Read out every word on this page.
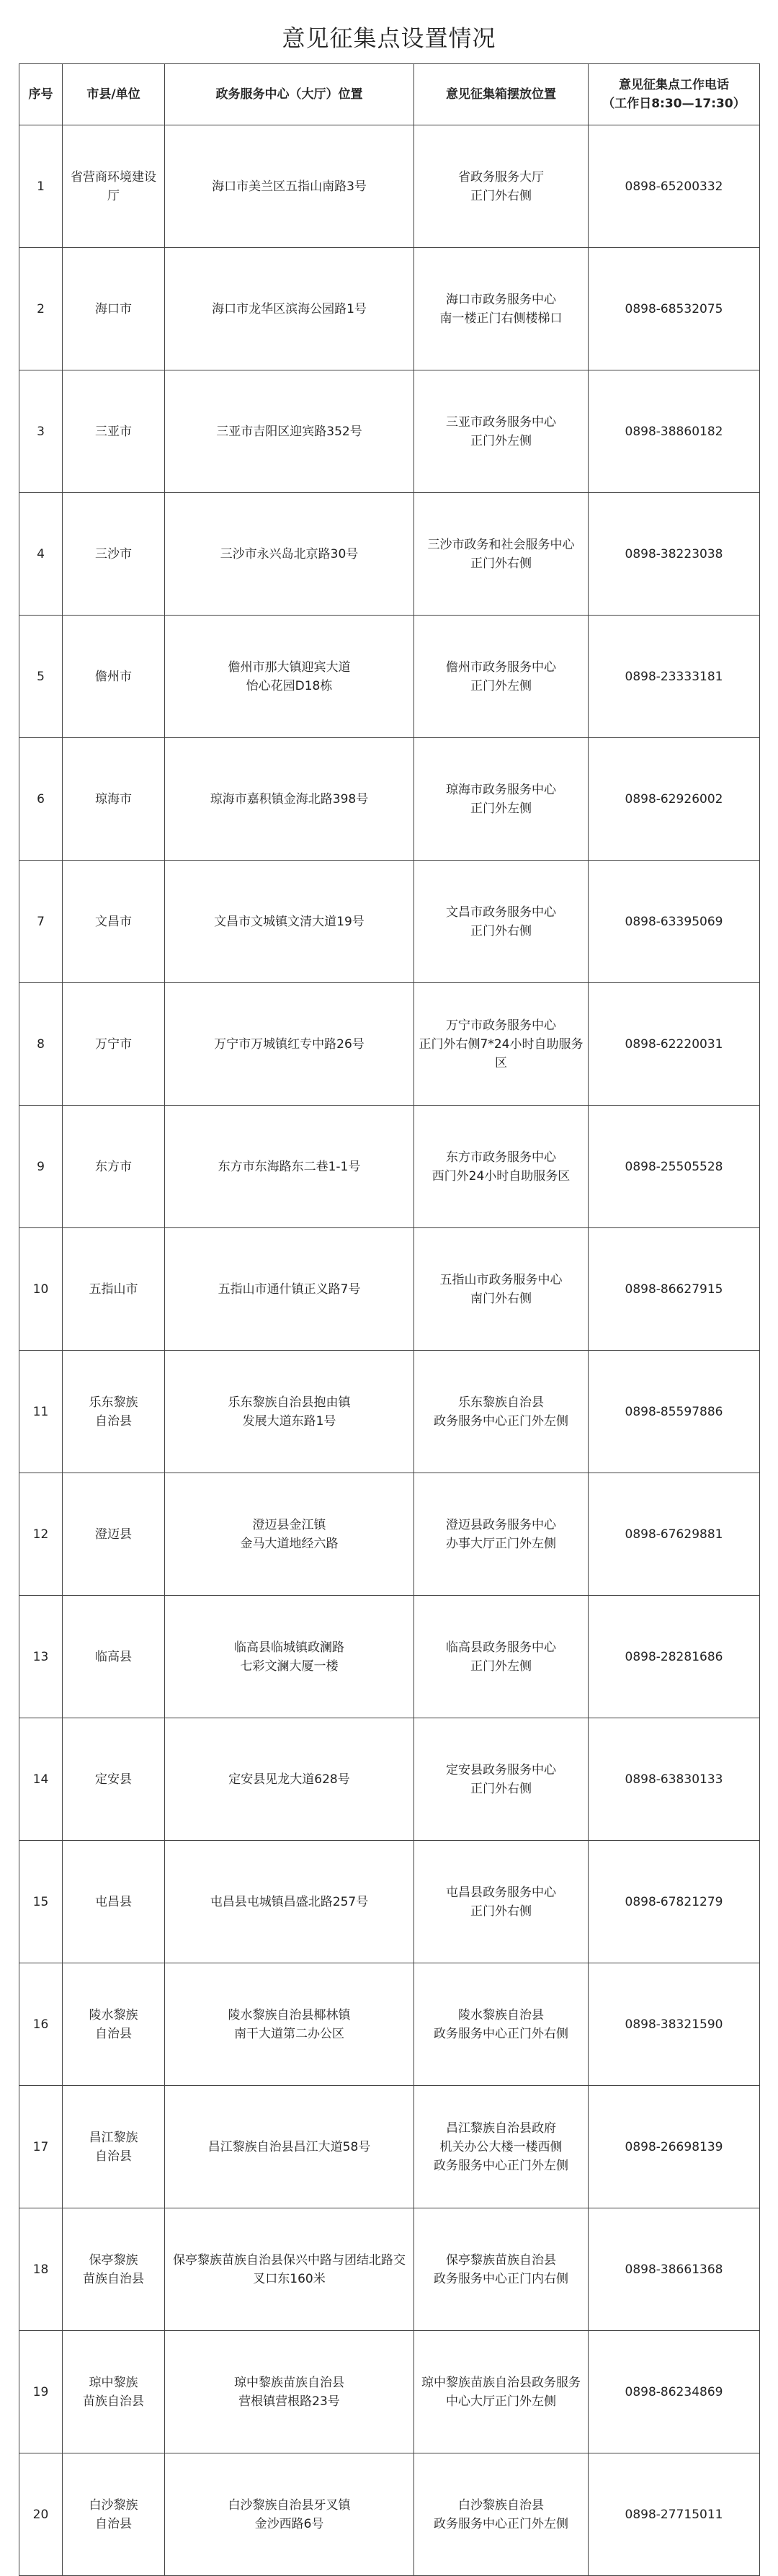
意见征集点设置情况
序号	市县/单位	政务服务中心（大厅）位置	意见征集箱摆放位置	意见征集点工作电话
（工作日8:30—17:30）
1	省营商环境建设厅	海口市美兰区五指山南路3号	省政务服务大厅
正门外右侧	0898-65200332
2	海口市	海口市龙华区滨海公园路1号	海口市政务服务中心
南一楼正门右侧楼梯口	0898-68532075
3	三亚市	三亚市吉阳区迎宾路352号	三亚市政务服务中心
正门外左侧	0898-38860182
4	三沙市	三沙市永兴岛北京路30号	三沙市政务和社会服务中心
正门外右侧	0898-38223038
5	儋州市	儋州市那大镇迎宾大道
怡心花园D18栋	儋州市政务服务中心
正门外左侧	0898-23333181
6	琼海市	琼海市嘉积镇金海北路398号	琼海市政务服务中心
正门外左侧	0898-62926002
7	文昌市	文昌市文城镇文清大道19号	文昌市政务服务中心
正门外右侧	0898-63395069
8	万宁市	万宁市万城镇红专中路26号	万宁市政务服务中心
正门外右侧7*24小时自助服务区	0898-62220031
9	东方市	东方市东海路东二巷1-1号	东方市政务服务中心
西门外24小时自助服务区	0898-25505528
10	五指山市	五指山市通什镇正义路7号	五指山市政务服务中心
南门外右侧	0898-86627915
11	乐东黎族
自治县	乐东黎族自治县抱由镇
发展大道东路1号	乐东黎族自治县
政务服务中心正门外左侧	0898-85597886
12	澄迈县	澄迈县金江镇
金马大道地经六路	澄迈县政务服务中心
办事大厅正门外左侧	0898-67629881
13	临高县	临高县临城镇政澜路
七彩文澜大厦一楼	临高县政务服务中心
正门外左侧	0898-28281686
14	定安县	定安县见龙大道628号	定安县政务服务中心
正门外右侧	0898-63830133
15	屯昌县	屯昌县屯城镇昌盛北路257号	屯昌县政务服务中心
正门外右侧	0898-67821279
16	陵水黎族
自治县	陵水黎族自治县椰林镇
南干大道第二办公区	陵水黎族自治县
政务服务中心正门外右侧	0898-38321590
17	昌江黎族
自治县	昌江黎族自治县昌江大道58号	昌江黎族自治县政府
机关办公大楼一楼西侧
政务服务中心正门外左侧	0898-26698139
18	保亭黎族
苗族自治县	保亭黎族苗族自治县保兴中路与团结北路交叉口东160米	保亭黎族苗族自治县
政务服务中心正门内右侧	0898-38661368
19	琼中黎族
苗族自治县	琼中黎族苗族自治县
营根镇营根路23号	琼中黎族苗族自治县政务服务中心大厅正门外左侧	0898-86234869
20	白沙黎族
自治县	白沙黎族自治县牙叉镇
金沙西路6号	白沙黎族自治县
政务服务中心正门外左侧	0898-27715011
